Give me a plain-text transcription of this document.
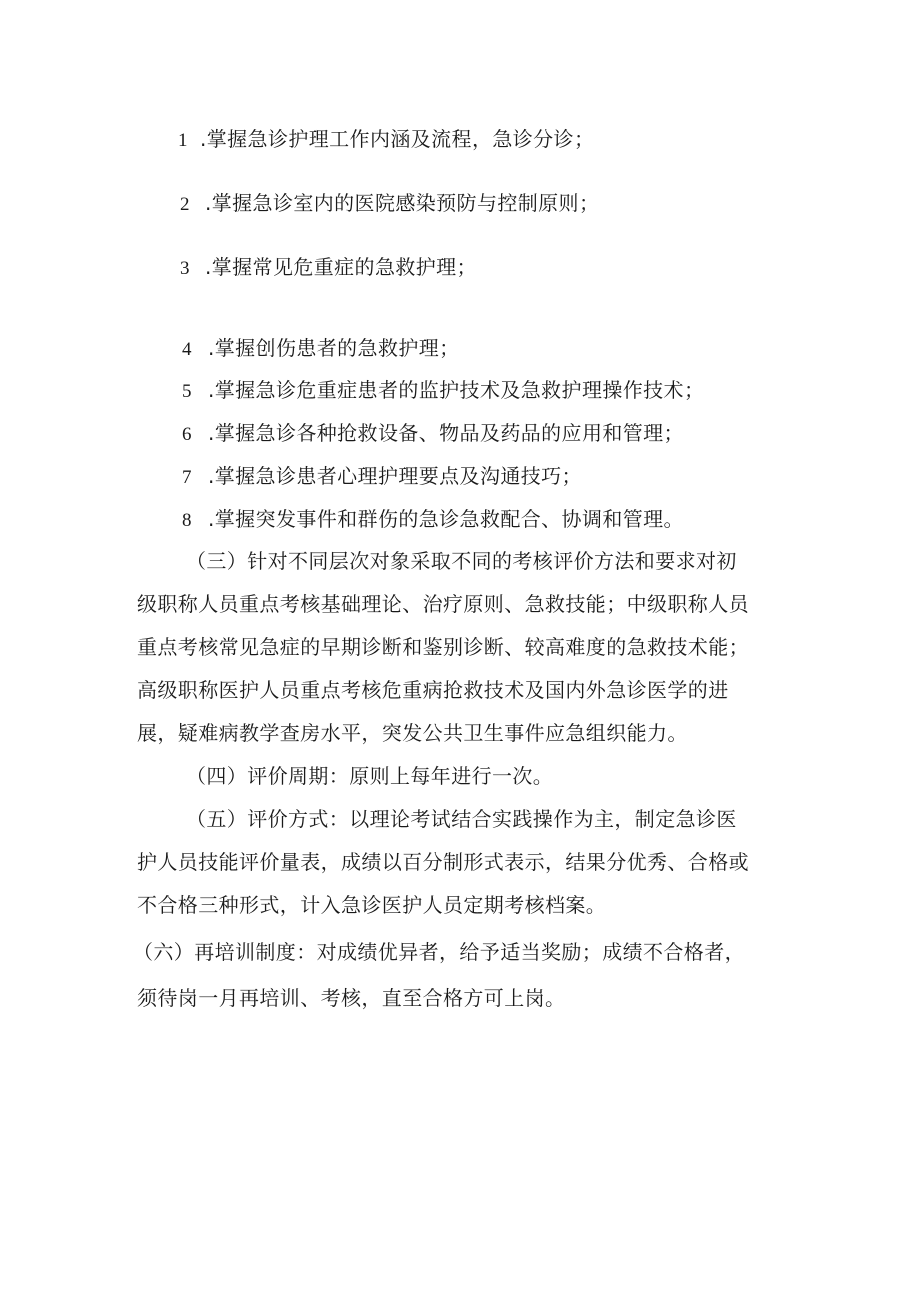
1 .掌握急诊护理工作内涵及流程，急诊分诊；
2 .掌握急诊室内的医院感染预防与控制原则；
3 .掌握常见危重症的急救护理；
4 .掌握创伤患者的急救护理；
5 .掌握急诊危重症患者的监护技术及急救护理操作技术；
6 .掌握急诊各种抢救设备、物品及药品的应用和管理；
7 .掌握急诊患者心理护理要点及沟通技巧；
8 .掌握突发事件和群伤的急诊急救配合、协调和管理。
（三）针对不同层次对象采取不同的考核评价方法和要求对初
级职称人员重点考核基础理论、治疗原则、急救技能；中级职称人员
重点考核常见急症的早期诊断和鉴别诊断、较高难度的急救技术能；
高级职称医护人员重点考核危重病抢救技术及国内外急诊医学的进
展，疑难病教学查房水平，突发公共卫生事件应急组织能力。
（四）评价周期：原则上每年进行一次。
（五）评价方式：以理论考试结合实践操作为主，制定急诊医
护人员技能评价量表，成绩以百分制形式表示，结果分优秀、合格或
不合格三种形式，计入急诊医护人员定期考核档案。
（六）再培训制度：对成绩优异者，给予适当奖励；成绩不合格者，
须待岗一月再培训、考核，直至合格方可上岗。
